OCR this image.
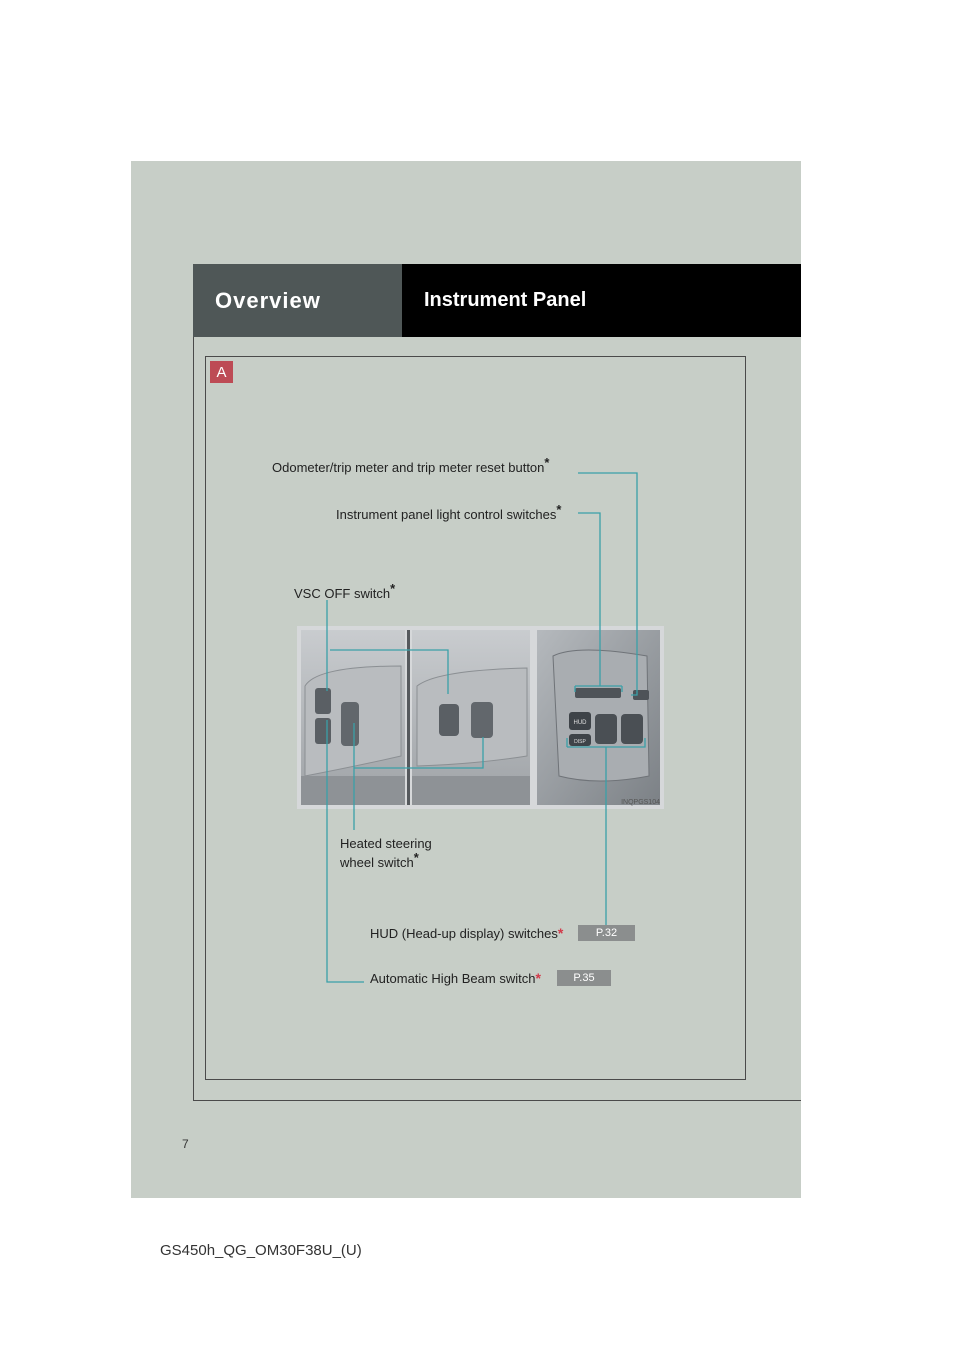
Overview	Instrument Panel
A
HUD
DISP
INQPGS104
Odometer/trip meter and trip meter reset button*
Instrument panel light control switches*
VSC OFF switch*
Heated steering
wheel switch*
HUD (Head-up display) switches*	P.32
Automatic High Beam switch*	P.35
7
GS450h_QG_OM30F38U_(U)
